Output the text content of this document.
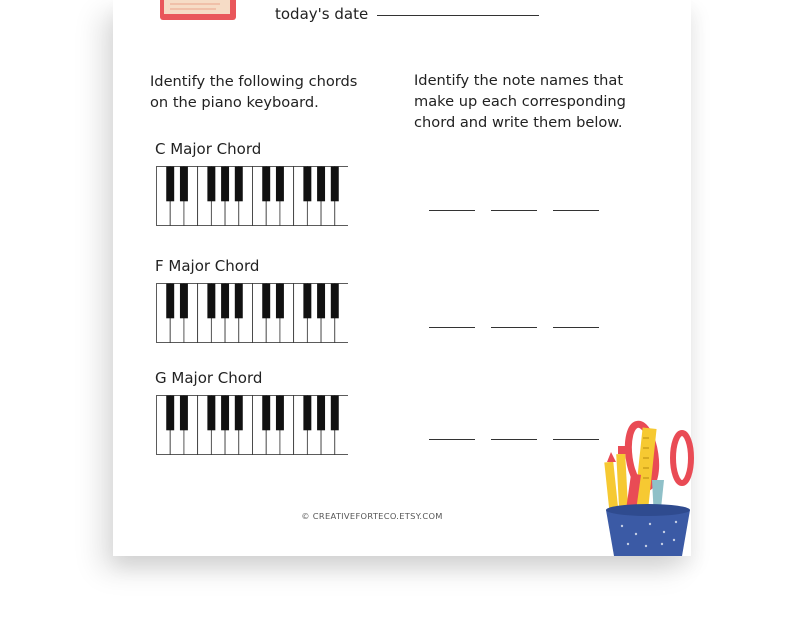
today's date
Identify the following chords on the piano keyboard.
Identify the note names that make up each corresponding chord and write them below.
C Major Chord
F Major Chord
G Major Chord
© CREATIVEFORTECO.ETSY.COM
